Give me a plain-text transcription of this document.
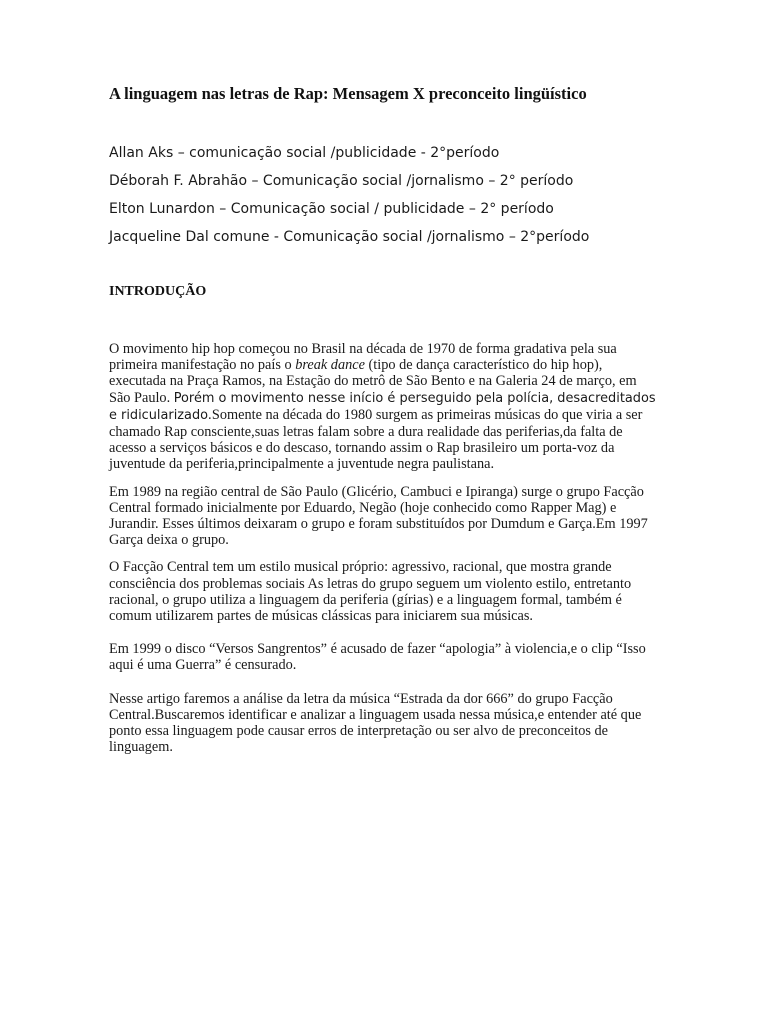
A linguagem nas letras de Rap: Mensagem X preconceito lingüístico
Allan Aks – comunicação social /publicidade - 2°período
Déborah F. Abrahão – Comunicação social /jornalismo – 2° período
Elton Lunardon – Comunicação social / publicidade – 2° período
Jacqueline Dal comune - Comunicação social /jornalismo – 2°período
INTRODUÇÃO

O movimento hip hop começou no Brasil na década de 1970 de forma gradativa pela sua primeira manifestação no país o break dance (tipo de dança característico do hip hop), executada na Praça Ramos, na Estação do metrô de São Bento e na Galeria 24 de março, em São Paulo. Porém o movimento nesse início é perseguido pela polícia, desacreditados e ridicularizado.Somente na década do 1980 surgem as primeiras músicas do que viria a ser chamado Rap consciente,suas letras falam sobre a dura realidade das periferias,da falta de acesso a serviços básicos e do descaso, tornando assim o Rap brasileiro um porta-voz da juventude da periferia,principalmente a juventude negra paulistana.

Em 1989 na região central de São Paulo (Glicério, Cambuci e Ipiranga) surge o grupo Facção Central formado inicialmente por Eduardo, Negão (hoje conhecido como Rapper Mag) e Jurandir. Esses últimos deixaram o grupo e foram substituídos por Dumdum e Garça.Em 1997 Garça deixa o grupo.

O Facção Central tem um estilo musical próprio: agressivo, racional, que mostra grande consciência dos problemas sociais As letras do grupo seguem um violento estilo, entretanto racional, o grupo utiliza a linguagem da periferia (gírias) e a linguagem formal, também é comum utilizarem partes de músicas clássicas para iniciarem sua músicas.

Em 1999 o disco “Versos Sangrentos” é acusado de fazer “apologia” à violencia,e o clip “Isso aqui é uma Guerra” é censurado.

Nesse artigo faremos a análise da letra da música “Estrada da dor 666” do grupo Facção Central.Buscaremos identificar e analizar a linguagem usada nessa música,e entender até que ponto essa linguagem pode causar erros de interpretação ou ser alvo de preconceitos de linguagem.
